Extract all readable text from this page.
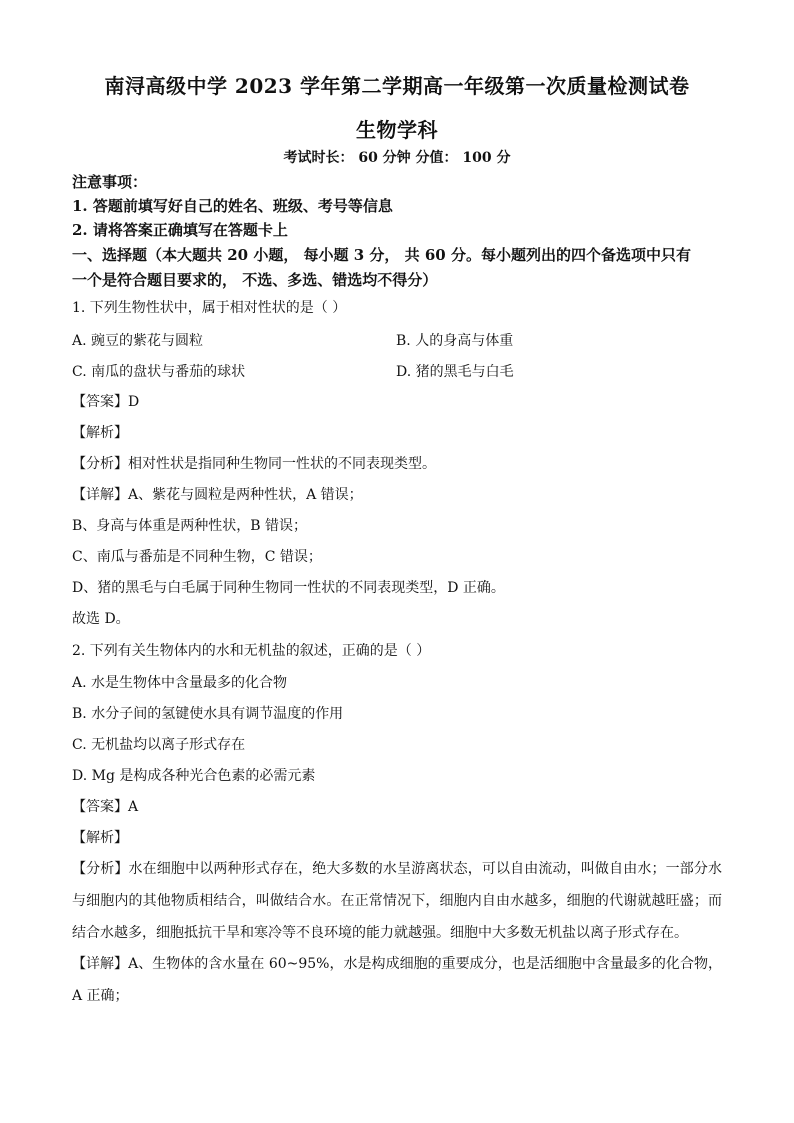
南浔高级中学 2023 学年第二学期高一年级第一次质量检测试卷
生物学科
考试时长： 60 分钟 分值： 100 分
注意事项：
1. 答题前填写好自己的姓名、班级、考号等信息
2. 请将答案正确填写在答题卡上
一、选择题（本大题共 20 小题， 每小题 3 分， 共 60 分。每小题列出的四个备选项中只有
一个是符合题目要求的， 不选、多选、错选均不得分）
1. 下列生物性状中，属于相对性状的是（ ）
A. 豌豆的紫花与圆粒	B. 人的身高与体重
C. 南瓜的盘状与番茄的球状	D. 猪的黑毛与白毛
【答案】D
【解析】
【分析】相对性状是指同种生物同一性状的不同表现类型。
【详解】A、紫花与圆粒是两种性状，A 错误；
B、身高与体重是两种性状，B 错误；
C、南瓜与番茄是不同种生物，C 错误；
D、猪的黑毛与白毛属于同种生物同一性状的不同表现类型，D 正确。
故选 D。
2. 下列有关生物体内的水和无机盐的叙述，正确的是（ ）
A. 水是生物体中含量最多的化合物
B. 水分子间的氢键使水具有调节温度的作用
C. 无机盐均以离子形式存在
D. Mg 是构成各种光合色素的必需元素
【答案】A
【解析】
【分析】水在细胞中以两种形式存在，绝大多数的水呈游离状态，可以自由流动，叫做自由水；一部分水与细胞内的其他物质相结合，叫做结合水。在正常情况下，细胞内自由水越多，细胞的代谢就越旺盛；而结合水越多，细胞抵抗干旱和寒冷等不良环境的能力就越强。细胞中大多数无机盐以离子形式存在。
【详解】A、生物体的含水量在 60~95%，水是构成细胞的重要成分，也是活细胞中含量最多的化合物，A 正确；
